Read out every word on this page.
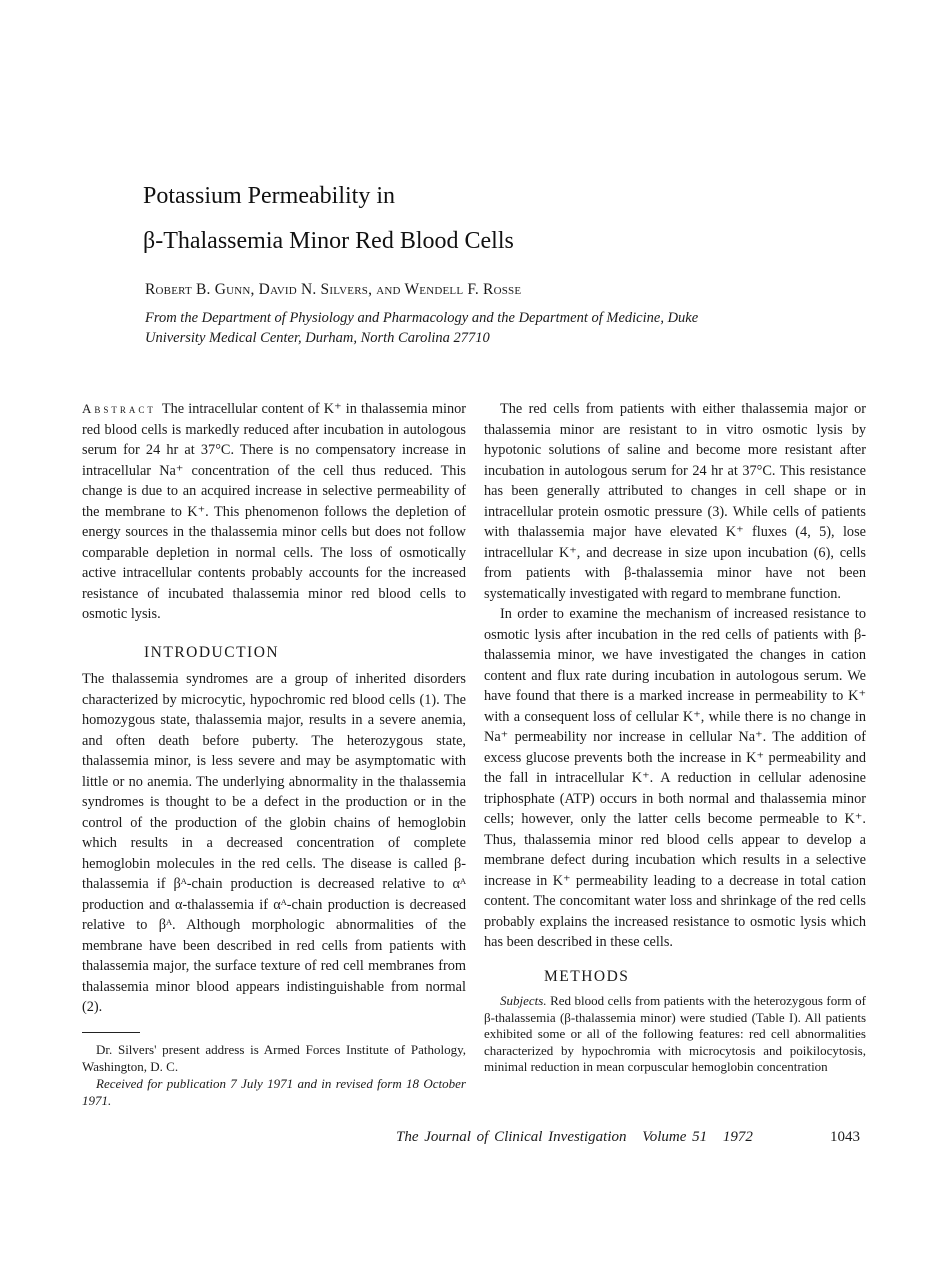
Potassium Permeability in
β-Thalassemia Minor Red Blood Cells
Robert B. Gunn, David N. Silvers, and Wendell F. Rosse
From the Department of Physiology and Pharmacology and the Department of Medicine, Duke University Medical Center, Durham, North Carolina 27710

Abstract The intracellular content of K⁺ in thalassemia minor red blood cells is markedly reduced after incubation in autologous serum for 24 hr at 37°C. There is no compensatory increase in intracellular Na⁺ concentration of the cell thus reduced. This change is due to an acquired increase in selective permeability of the membrane to K⁺. This phenomenon follows the depletion of energy sources in the thalassemia minor cells but does not follow comparable depletion in normal cells. The loss of osmotically active intracellular contents probably accounts for the increased resistance of incubated thalassemia minor red blood cells to osmotic lysis.

INTRODUCTION

The thalassemia syndromes are a group of inherited disorders characterized by microcytic, hypochromic red blood cells (1). The homozygous state, thalassemia major, results in a severe anemia, and often death before puberty. The heterozygous state, thalassemia minor, is less severe and may be asymptomatic with little or no anemia. The underlying abnormality in the thalassemia syndromes is thought to be a defect in the production or in the control of the production of the globin chains of hemoglobin which results in a decreased concentration of complete hemoglobin molecules in the red cells. The disease is called β-thalassemia if βᴬ-chain production is decreased relative to αᴬ production and α-thalassemia if αᴬ-chain production is decreased relative to βᴬ. Although morphologic abnormalities of the membrane have been described in red cells from patients with thalassemia major, the surface texture of red cell membranes from thalassemia minor blood appears indistinguishable from normal (2).

Dr. Silvers' present address is Armed Forces Institute of Pathology, Washington, D. C.

Received for publication 7 July 1971 and in revised form 18 October 1971.

The red cells from patients with either thalassemia major or thalassemia minor are resistant to in vitro osmotic lysis by hypotonic solutions of saline and become more resistant after incubation in autologous serum for 24 hr at 37°C. This resistance has been generally attributed to changes in cell shape or in intracellular protein osmotic pressure (3). While cells of patients with thalassemia major have elevated K⁺ fluxes (4, 5), lose intracellular K⁺, and decrease in size upon incubation (6), cells from patients with β-thalassemia minor have not been systematically investigated with regard to membrane function.

In order to examine the mechanism of increased resistance to osmotic lysis after incubation in the red cells of patients with β-thalassemia minor, we have investigated the changes in cation content and flux rate during incubation in autologous serum. We have found that there is a marked increase in permeability to K⁺ with a consequent loss of cellular K⁺, while there is no change in Na⁺ permeability nor increase in cellular Na⁺. The addition of excess glucose prevents both the increase in K⁺ permeability and the fall in intracellular K⁺. A reduction in cellular adenosine triphosphate (ATP) occurs in both normal and thalassemia minor cells; however, only the latter cells become permeable to K⁺. Thus, thalassemia minor red blood cells appear to develop a membrane defect during incubation which results in a selective increase in K⁺ permeability leading to a decrease in total cation content. The concomitant water loss and shrinkage of the red cells probably explains the increased resistance to osmotic lysis which has been described in these cells.

METHODS

Subjects. Red blood cells from patients with the heterozygous form of β-thalassemia (β-thalassemia minor) were studied (Table I). All patients exhibited some or all of the following features: red cell abnormalities characterized by hypochromia with microcytosis and poikilocytosis, minimal reduction in mean corpuscular hemoglobin concentration

The Journal of Clinical Investigation Volume 51 1972	1043
